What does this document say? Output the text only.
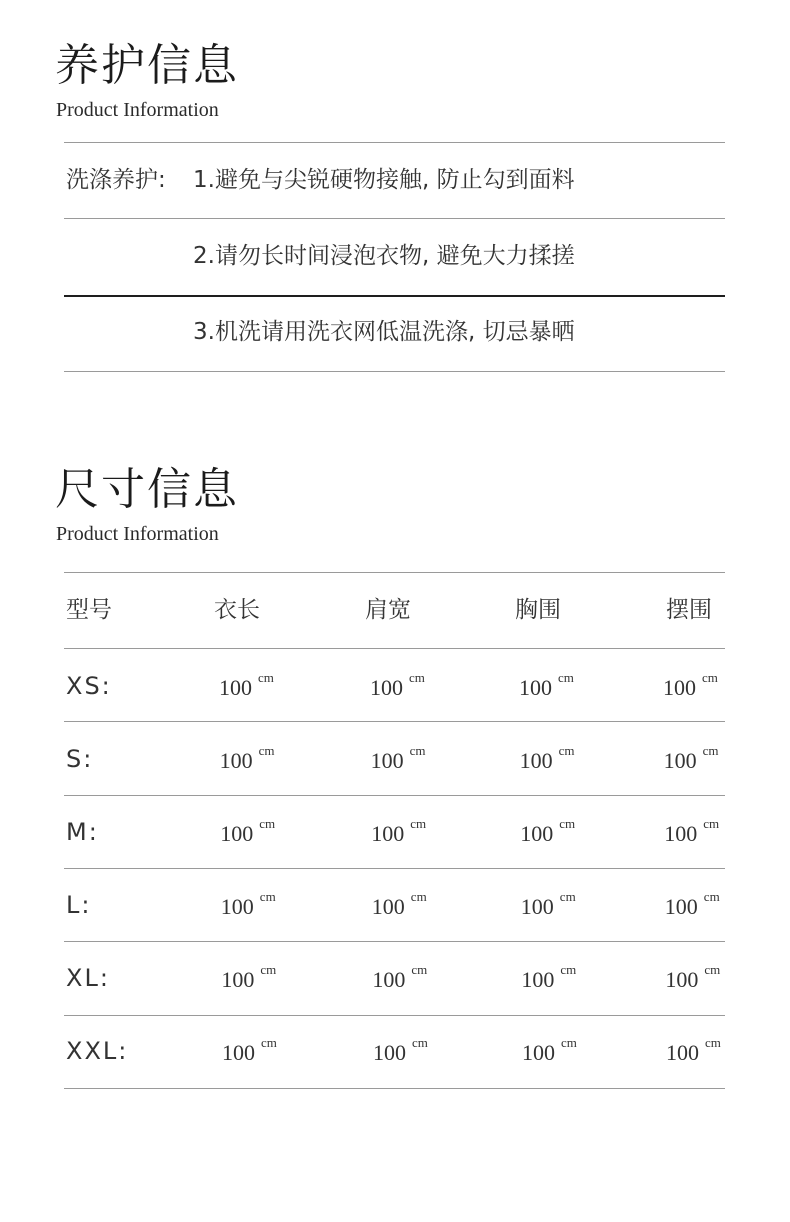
养护信息
Product Information
洗涤养护: 1.避免与尖锐硬物接触, 防止勾到面料
2.请勿长时间浸泡衣物, 避免大力揉搓
3.机洗请用洗衣网低温洗涤, 切忌暴晒
尺寸信息
Product Information
型号	衣长	肩宽	胸围	摆围
XS:	100 $^{cm}$	100 $^{cm}$	100 $^{cm}$	100 $^{cm}$
S:	100 $^{cm}$	100 $^{cm}$	100 $^{cm}$	100 $^{cm}$
M:	100 $^{cm}$	100 $^{cm}$	100 $^{cm}$	100 $^{cm}$
L:	100 $^{cm}$	100 $^{cm}$	100 $^{cm}$	100 $^{cm}$
XL:	100 $^{cm}$	100 $^{cm}$	100 $^{cm}$	100 $^{cm}$
XXL:	100 $^{cm}$	100 $^{cm}$	100 $^{cm}$	100 $^{cm}$
